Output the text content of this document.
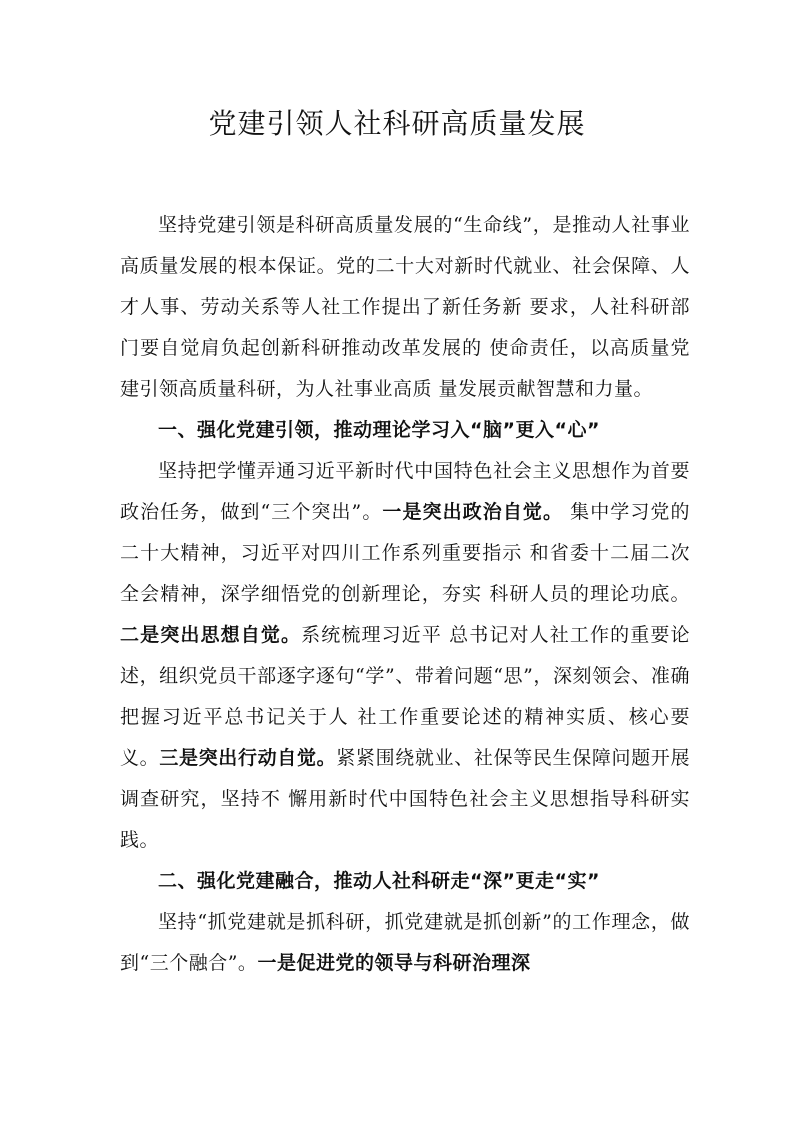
党建引领人社科研高质量发展

坚持党建引领是科研高质量发展的“生命线”，是推动人社事业高质量发展的根本保证。党的二十大对新时代就业、社会保障、人才人事、劳动关系等人社工作提出了新任务新 要求，人社科研部门要自觉肩负起创新科研推动改革发展的 使命责任，以高质量党建引领高质量科研，为人社事业高质 量发展贡献智慧和力量。

一、强化党建引领，推动理论学习入“脑”更入“心”

坚持把学懂弄通习近平新时代中国特色社会主义思想作为首要政治任务，做到“三个突出”。一是突出政治自觉。 集中学习党的二十大精神，习近平对四川工作系列重要指示 和省委十二届二次全会精神，深学细悟党的创新理论，夯实 科研人员的理论功底。二是突出思想自觉。系统梳理习近平 总书记对人社工作的重要论述，组织党员干部逐字逐句“学”、带着问题“思”，深刻领会、准确把握习近平总书记关于人 社工作重要论述的精神实质、核心要义。三是突出行动自觉。紧紧围绕就业、社保等民生保障问题开展调查研究，坚持不 懈用新时代中国特色社会主义思想指导科研实践。

二、强化党建融合，推动人社科研走“深”更走“实”

坚持“抓党建就是抓科研，抓党建就是抓创新”的工作理念，做到“三个融合”。一是促进党的领导与科研治理深
